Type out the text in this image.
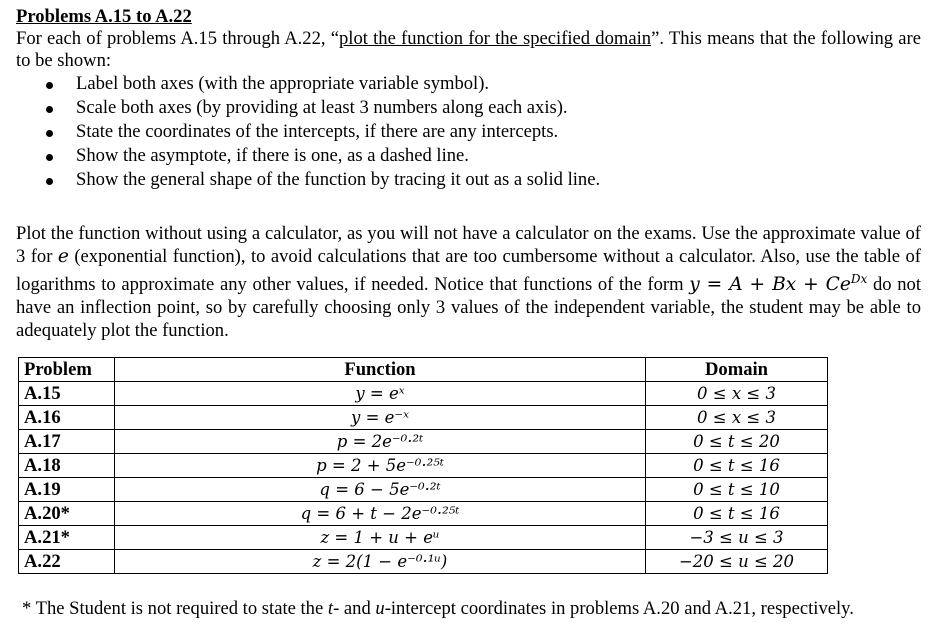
Problems A.15 to A.22

For each of problems A.15 through A.22, “plot the function for the specified domain”. This means that the following are to be shown:

Label both axes (with the appropriate variable symbol).
Scale both axes (by providing at least 3 numbers along each axis).
State the coordinates of the intercepts, if there are any intercepts.
Show the asymptote, if there is one, as a dashed line.
Show the general shape of the function by tracing it out as a solid line.

Plot the function without using a calculator, as you will not have a calculator on the exams. Use the approximate value of 3 for e (exponential function), to avoid calculations that are too cumbersome without a calculator. Also, use the table of logarithms to approximate any other values, if needed. Notice that functions of the form $y = A + Bx + Ce^{Dx}$ do not have an inflection point, so by carefully choosing only 3 values of the independent variable, the student may be able to adequately plot the function.

Problem	Function	Domain
A.15	y = eˣ	0 ≤ x ≤ 3
A.16	y = e⁻ˣ	0 ≤ x ≤ 3
A.17	p = 2e⁻⁰·²ᵗ	0 ≤ t ≤ 20
A.18	p = 2 + 5e⁻⁰·²⁵ᵗ	0 ≤ t ≤ 16
A.19	q = 6 − 5e⁻⁰·²ᵗ	0 ≤ t ≤ 10
A.20*	q = 6 + t − 2e⁻⁰·²⁵ᵗ	0 ≤ t ≤ 16
A.21*	z = 1 + u + eᵘ	−3 ≤ u ≤ 3
A.22	z = 2(1 − e⁻⁰·¹ᵘ)	−20 ≤ u ≤ 20
* The Student is not required to state the t- and u-intercept coordinates in problems A.20 and A.21, respectively.
